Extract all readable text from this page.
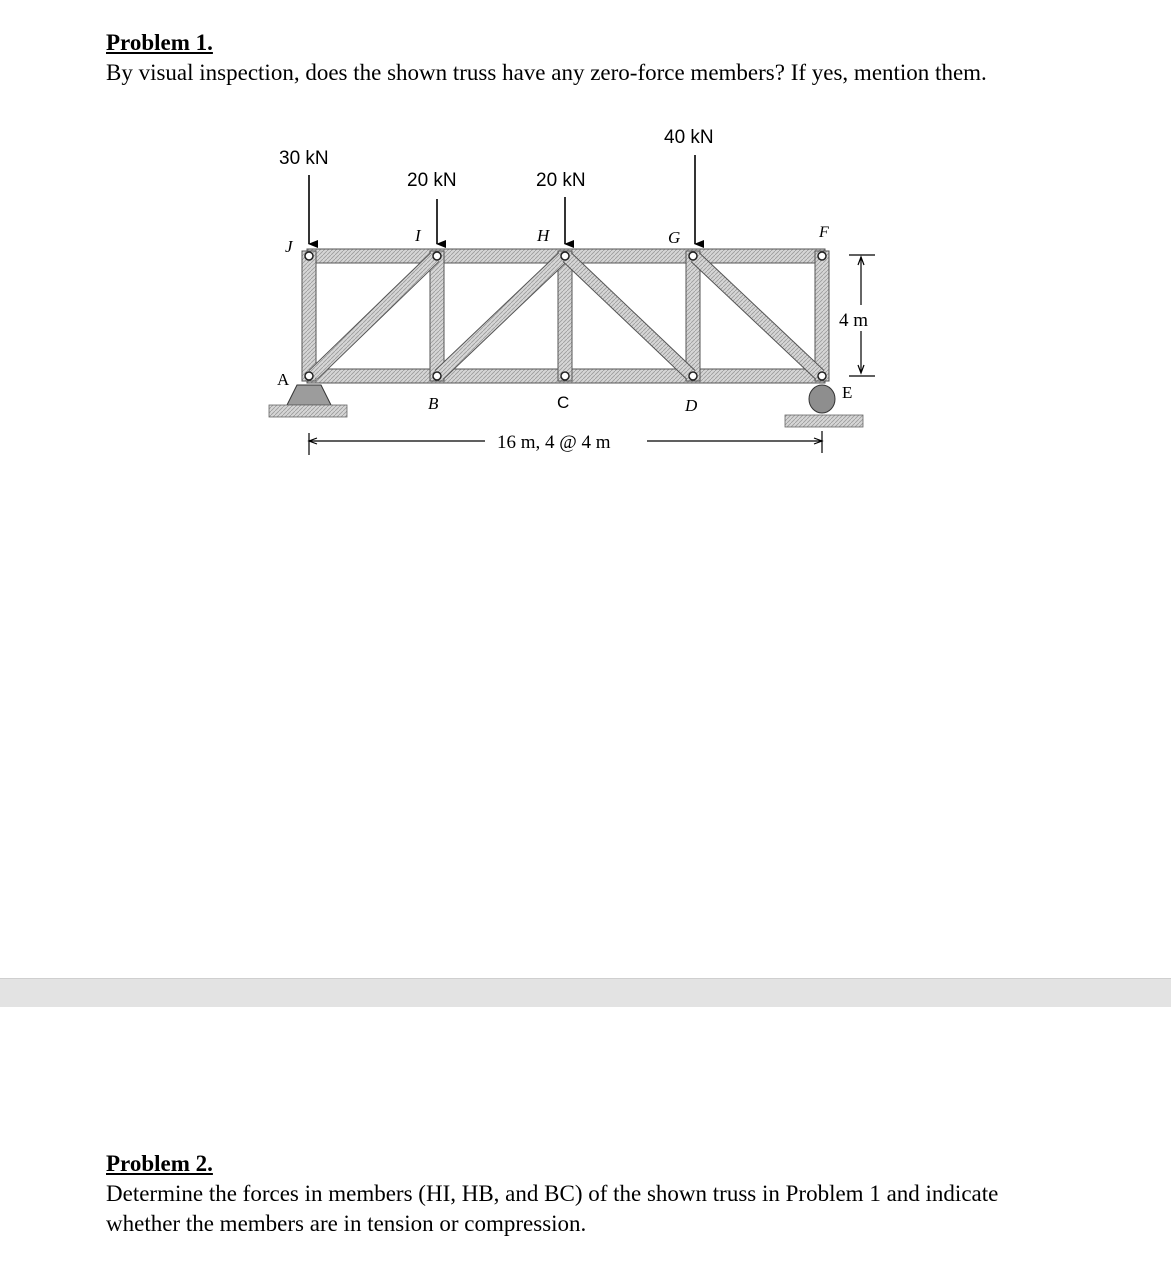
Problem 1.

By visual inspection, does the shown truss have any zero-force members? If yes, mention them.

30 kN
20 kN	20 kN
40 kN
J
I	H	G	F
A
B	C	D
E
4 m
16 m, 4 @ 4 m
Problem 2.

Determine the forces in members (HI, HB, and BC) of the shown truss in Problem 1 and indicate

whether the members are in tension or compression.
